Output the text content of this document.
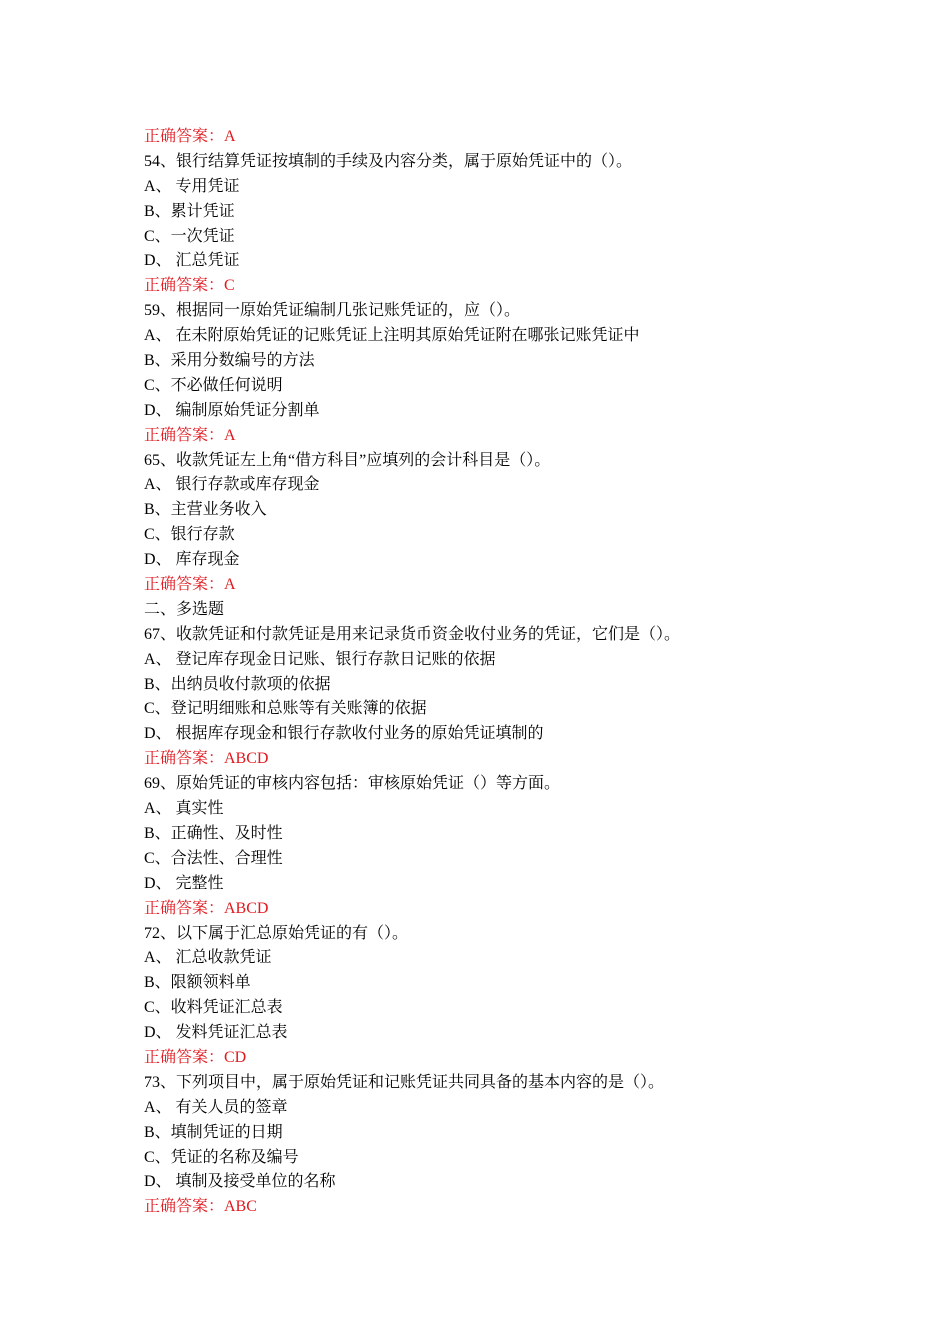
正确答案：A
54、银行结算凭证按填制的手续及内容分类，属于原始凭证中的（）。
A、 专用凭证
B、累计凭证
C、一次凭证
D、 汇总凭证
正确答案：C
59、根据同一原始凭证编制几张记账凭证的，应（）。
A、 在未附原始凭证的记账凭证上注明其原始凭证附在哪张记账凭证中
B、采用分数编号的方法
C、不必做任何说明
D、 编制原始凭证分割单
正确答案：A
65、收款凭证左上角“借方科目”应填列的会计科目是（）。
A、 银行存款或库存现金
B、主营业务收入
C、银行存款
D、 库存现金
正确答案：A
二、多选题
67、收款凭证和付款凭证是用来记录货币资金收付业务的凭证，它们是（）。
A、 登记库存现金日记账、银行存款日记账的依据
B、出纳员收付款项的依据
C、登记明细账和总账等有关账簿的依据
D、 根据库存现金和银行存款收付业务的原始凭证填制的
正确答案：ABCD
69、原始凭证的审核内容包括：审核原始凭证（）等方面。
A、 真实性
B、正确性、及时性
C、合法性、合理性
D、 完整性
正确答案：ABCD
72、以下属于汇总原始凭证的有（）。
A、 汇总收款凭证
B、限额领料单
C、收料凭证汇总表
D、 发料凭证汇总表
正确答案：CD
73、下列项目中，属于原始凭证和记账凭证共同具备的基本内容的是（）。
A、 有关人员的签章
B、填制凭证的日期
C、凭证的名称及编号
D、 填制及接受单位的名称
正确答案：ABC
